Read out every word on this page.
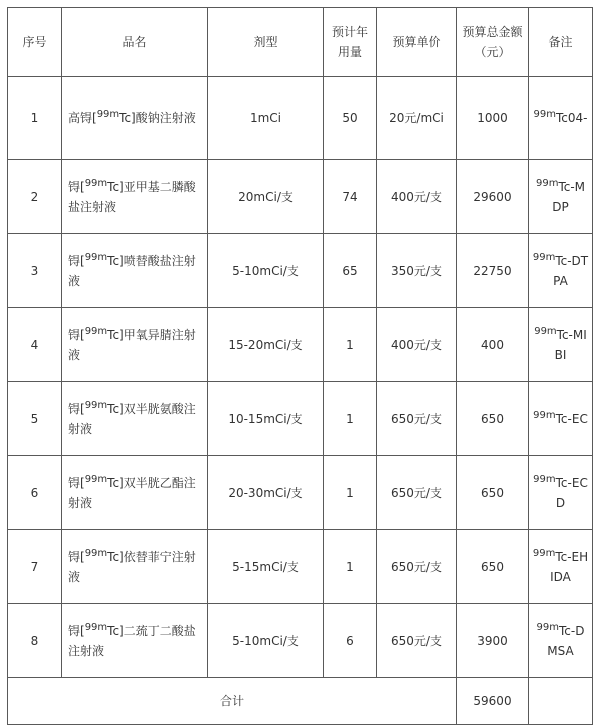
序号	品名	剂型	预计年用量	预算单价	预算总金额（元）	备注
1	高锝[$^{99m}$Tc]酸钠注射液	1mCi	50	20元/mCi	1000	$^{99m}$Tc04-
2	锝[$^{99m}$Tc]亚甲基二膦酸盐注射液	20mCi/支	74	400元/支	29600	$^{99m}$Tc-MDP
3	锝[$^{99m}$Tc]喷替酸盐注射液	5-10mCi/支	65	350元/支	22750	$^{99m}$Tc-DTPA
4	锝[$^{99m}$Tc]甲氧异腈注射液	15-20mCi/支	1	400元/支	400	$^{99m}$Tc-MIBI
5	锝[$^{99m}$Tc]双半胱氨酸注射液	10-15mCi/支	1	650元/支	650	$^{99m}$Tc-EC
6	锝[$^{99m}$Tc]双半胱乙酯注射液	20-30mCi/支	1	650元/支	650	$^{99m}$Tc-ECD
7	锝[$^{99m}$Tc]依替菲宁注射液	5-15mCi/支	1	650元/支	650	$^{99m}$Tc-EHIDA
8	锝[$^{99m}$Tc]二巯丁二酸盐注射液	5-10mCi/支	6	650元/支	3900	$^{99m}$Tc-DMSA
合计					59600	
